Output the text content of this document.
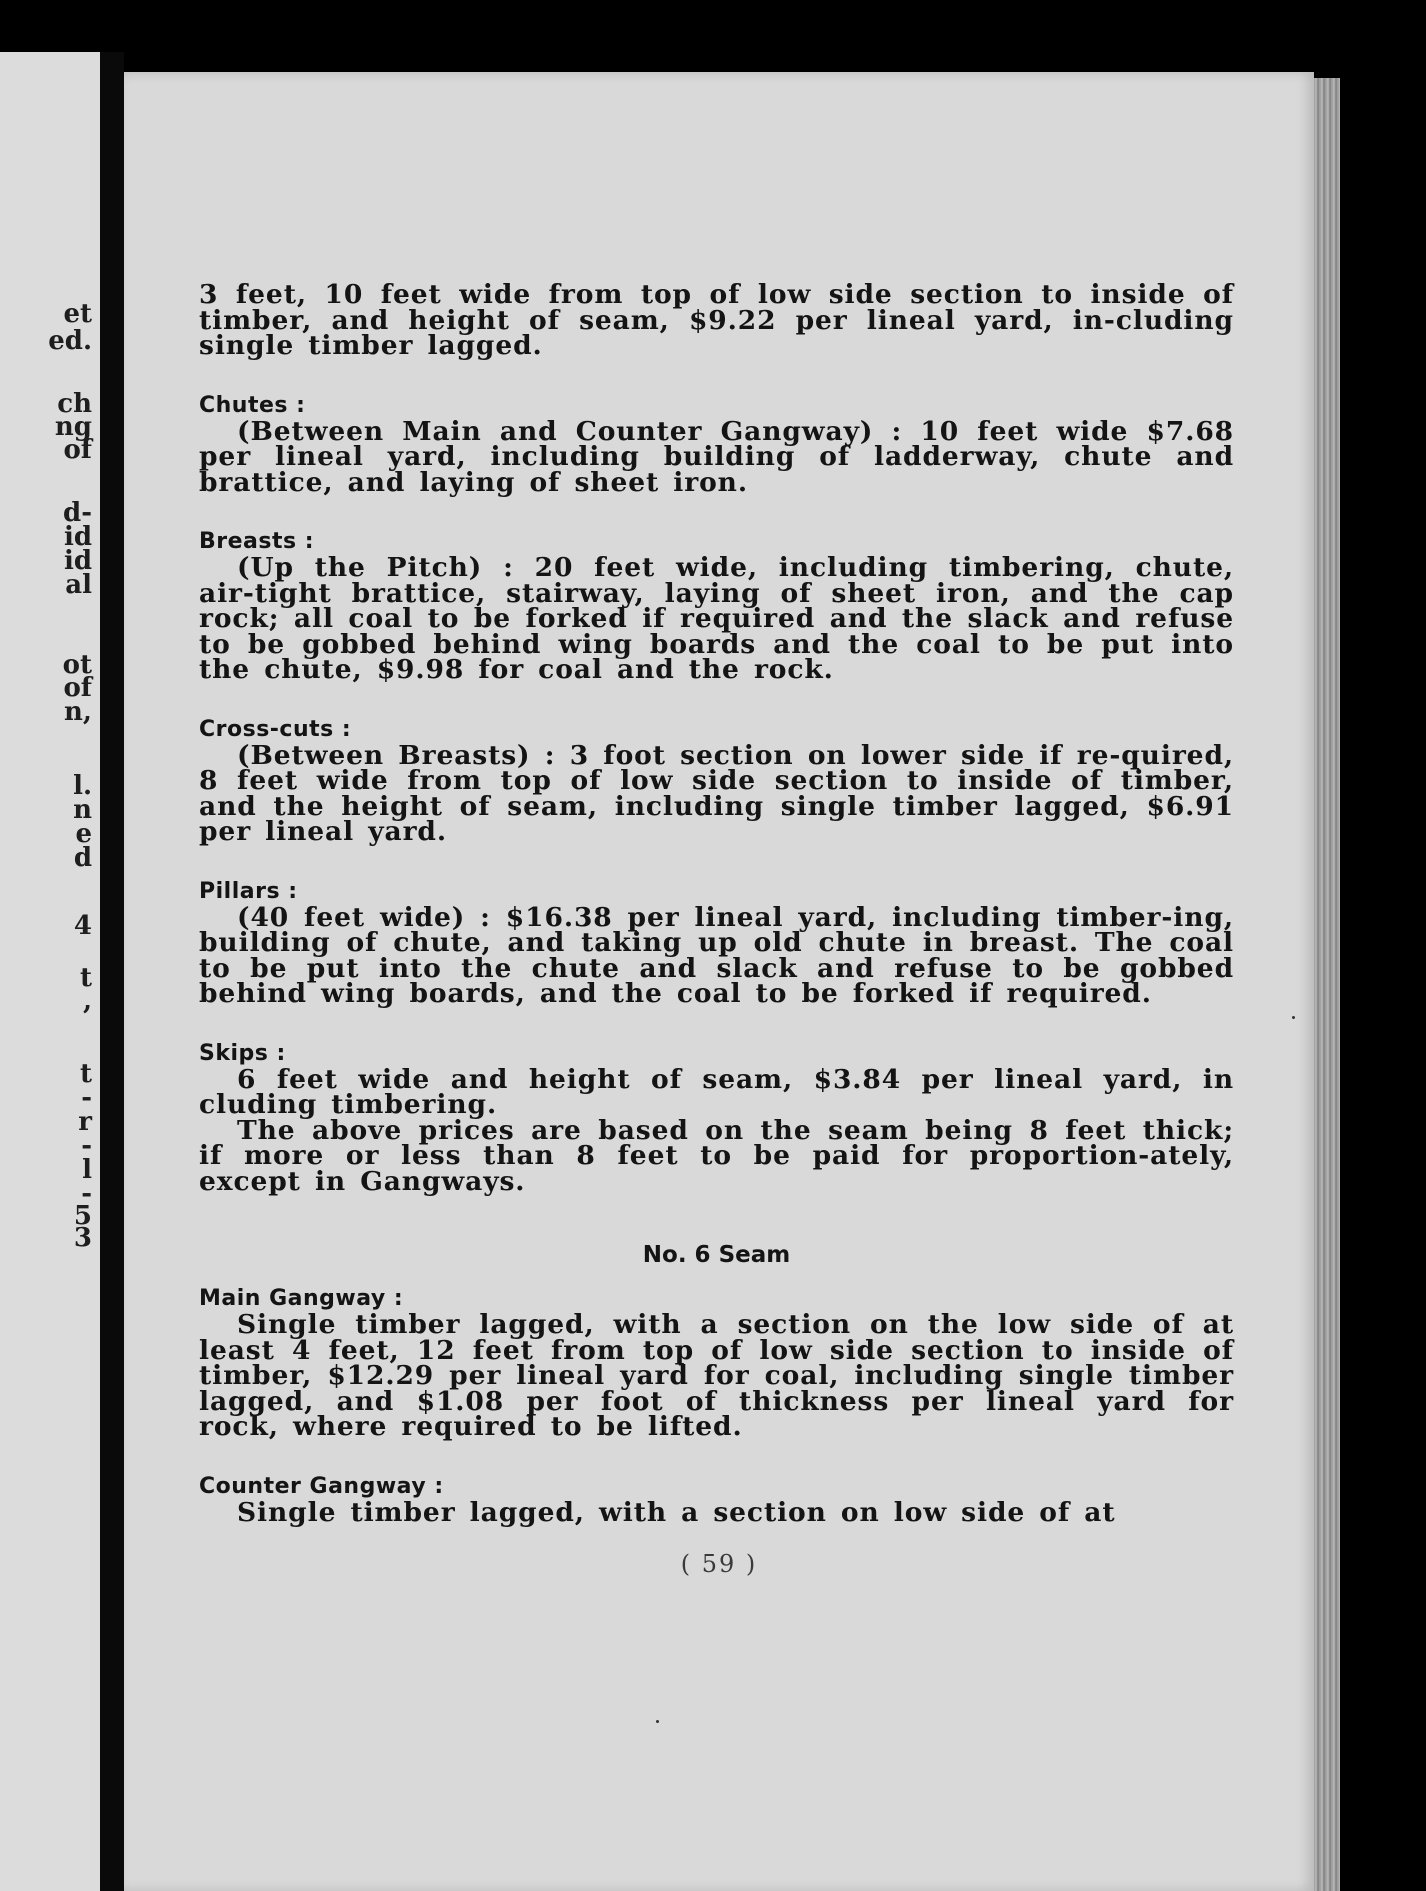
et
ed.
ch
ng
of
d-
id
id
al
ot
of
n,
l.
n
e
d
4
t
,
t
-
r
-
l
-
5
3

3 feet, 10 feet wide from top of low side section to inside of timber, and height of seam, $9.22 per lineal yard, in-cluding single timber lagged.

Chutes :

(Between Main and Counter Gangway) : 10 feet wide $7.68 per lineal yard, including building of ladderway, chute and brattice, and laying of sheet iron.

Breasts :

(Up the Pitch) : 20 feet wide, including timbering, chute, air-tight brattice, stairway, laying of sheet iron, and the cap rock; all coal to be forked if required and the slack and refuse to be gobbed behind wing boards and the coal to be put into the chute, $9.98 for coal and the rock.

Cross-cuts :

(Between Breasts) : 3 foot section on lower side if re-quired, 8 feet wide from top of low side section to inside of timber, and the height of seam, including single timber lagged, $6.91 per lineal yard.

Pillars :

(40 feet wide) : $16.38 per lineal yard, including timber-ing, building of chute, and taking up old chute in breast. The coal to be put into the chute and slack and refuse to be gobbed behind wing boards, and the coal to be forked if required.

Skips :

6 feet wide and height of seam, $3.84 per lineal yard, in cluding timbering.

The above prices are based on the seam being 8 feet thick; if more or less than 8 feet to be paid for proportion-ately, except in Gangways.

No. 6 Seam

Main Gangway :

Single timber lagged, with a section on the low side of at least 4 feet, 12 feet from top of low side section to inside of timber, $12.29 per lineal yard for coal, including single timber lagged, and $1.08 per foot of thickness per lineal yard for rock, where required to be lifted.

Counter Gangway :

Single timber lagged, with a section on low side of at

( 59 )
